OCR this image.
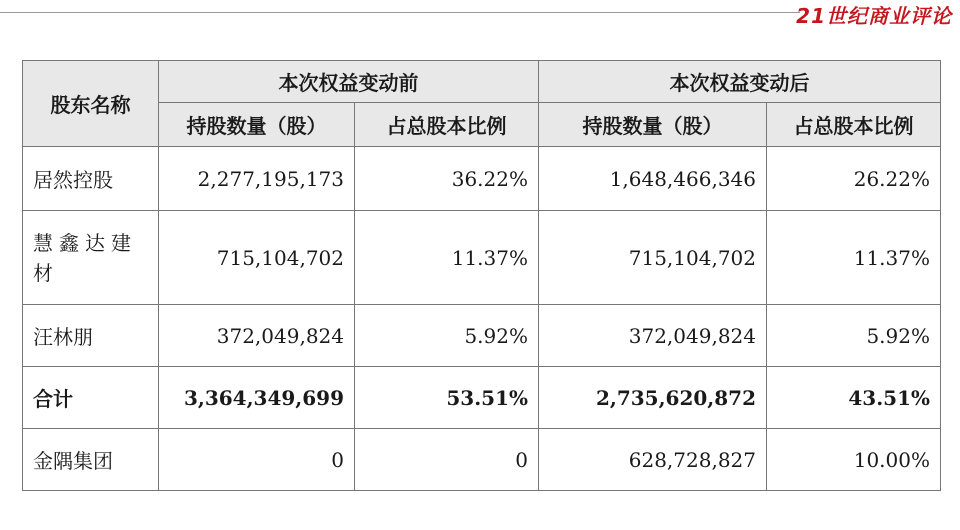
21世纪商业评论
股东名称	本次权益变动前		本次权益变动后	
	持股数量（股）	占总股本比例	持股数量（股）	占总股本比例
居然控股	2,277,195,173	36.22%	1,648,466,346	26.22%
慧鑫达建材	715,104,702	11.37%	715,104,702	11.37%
汪林朋	372,049,824	5.92%	372,049,824	5.92%
合计	3,364,349,699	53.51%	2,735,620,872	43.51%
金隅集团	0	0	628,728,827	10.00%
